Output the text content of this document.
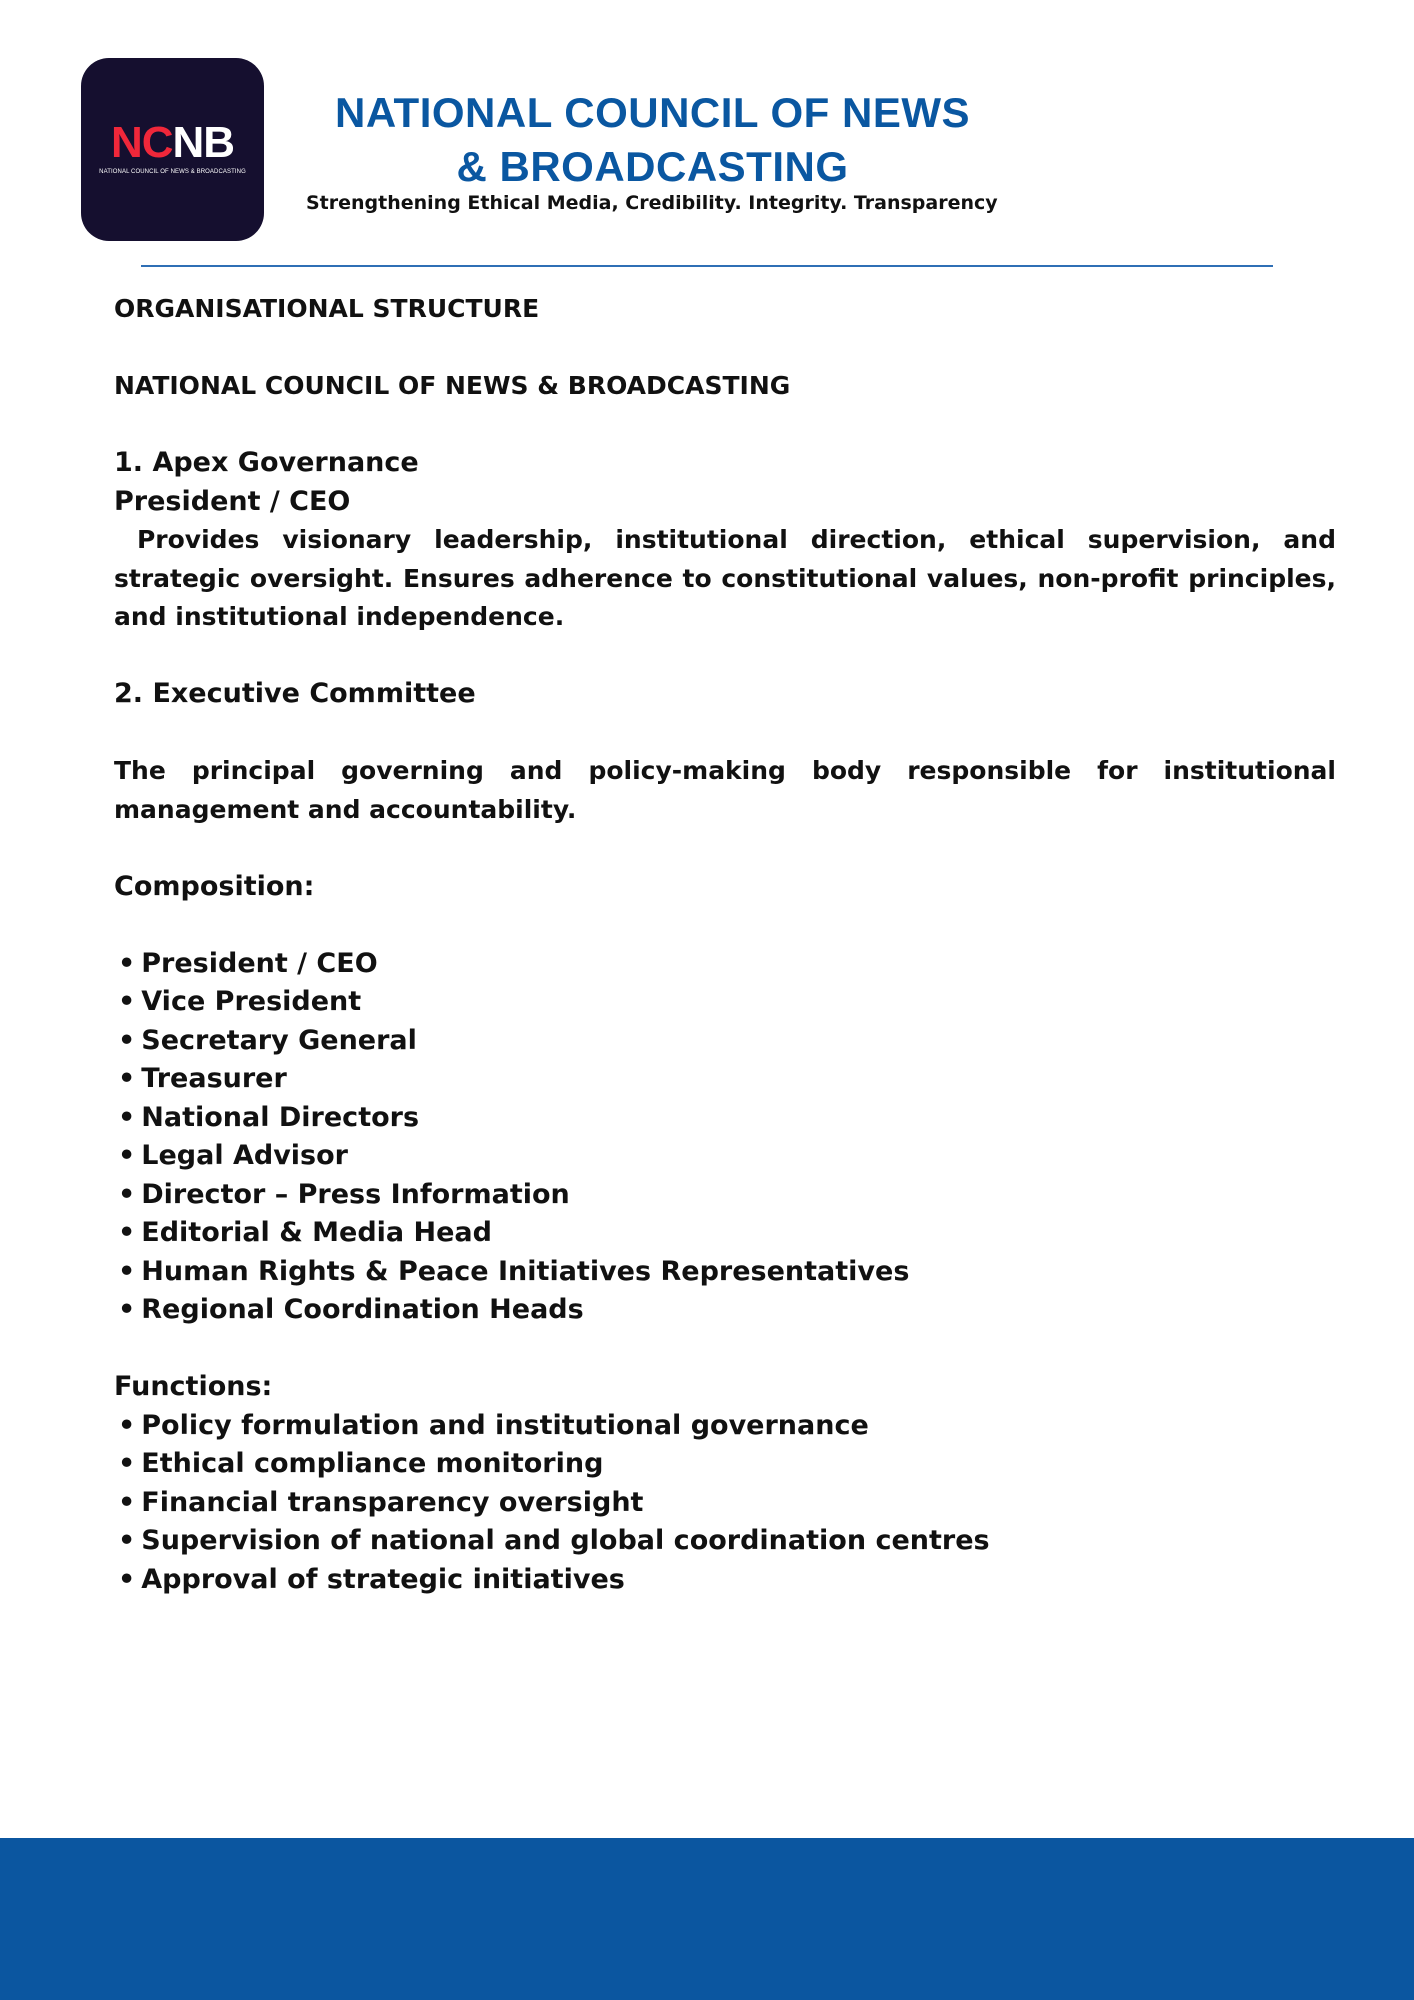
NCNB
NATIONAL COUNCIL OF NEWS & BROADCASTING
NATIONAL COUNCIL OF NEWS
& BROADCASTING
Strengthening Ethical Media, Credibility. Integrity. Transparency

ORGANISATIONAL STRUCTURE

NATIONAL COUNCIL OF NEWS & BROADCASTING

1. Apex Governance

President / CEO

Provides visionary leadership, institutional direction, ethical supervision, and strategic oversight. Ensures adherence to constitutional values, non-profit principles, and institutional independence.

2. Executive Committee

The principal governing and policy-making body responsible for institutional management and accountability.

Composition:

• President / CEO
• Vice President
• Secretary General
• Treasurer
• National Directors
• Legal Advisor
• Director – Press Information
• Editorial & Media Head
• Human Rights & Peace Initiatives Representatives
• Regional Coordination Heads

Functions:

• Policy formulation and institutional governance
• Ethical compliance monitoring
• Financial transparency oversight
• Supervision of national and global coordination centres
• Approval of strategic initiatives
